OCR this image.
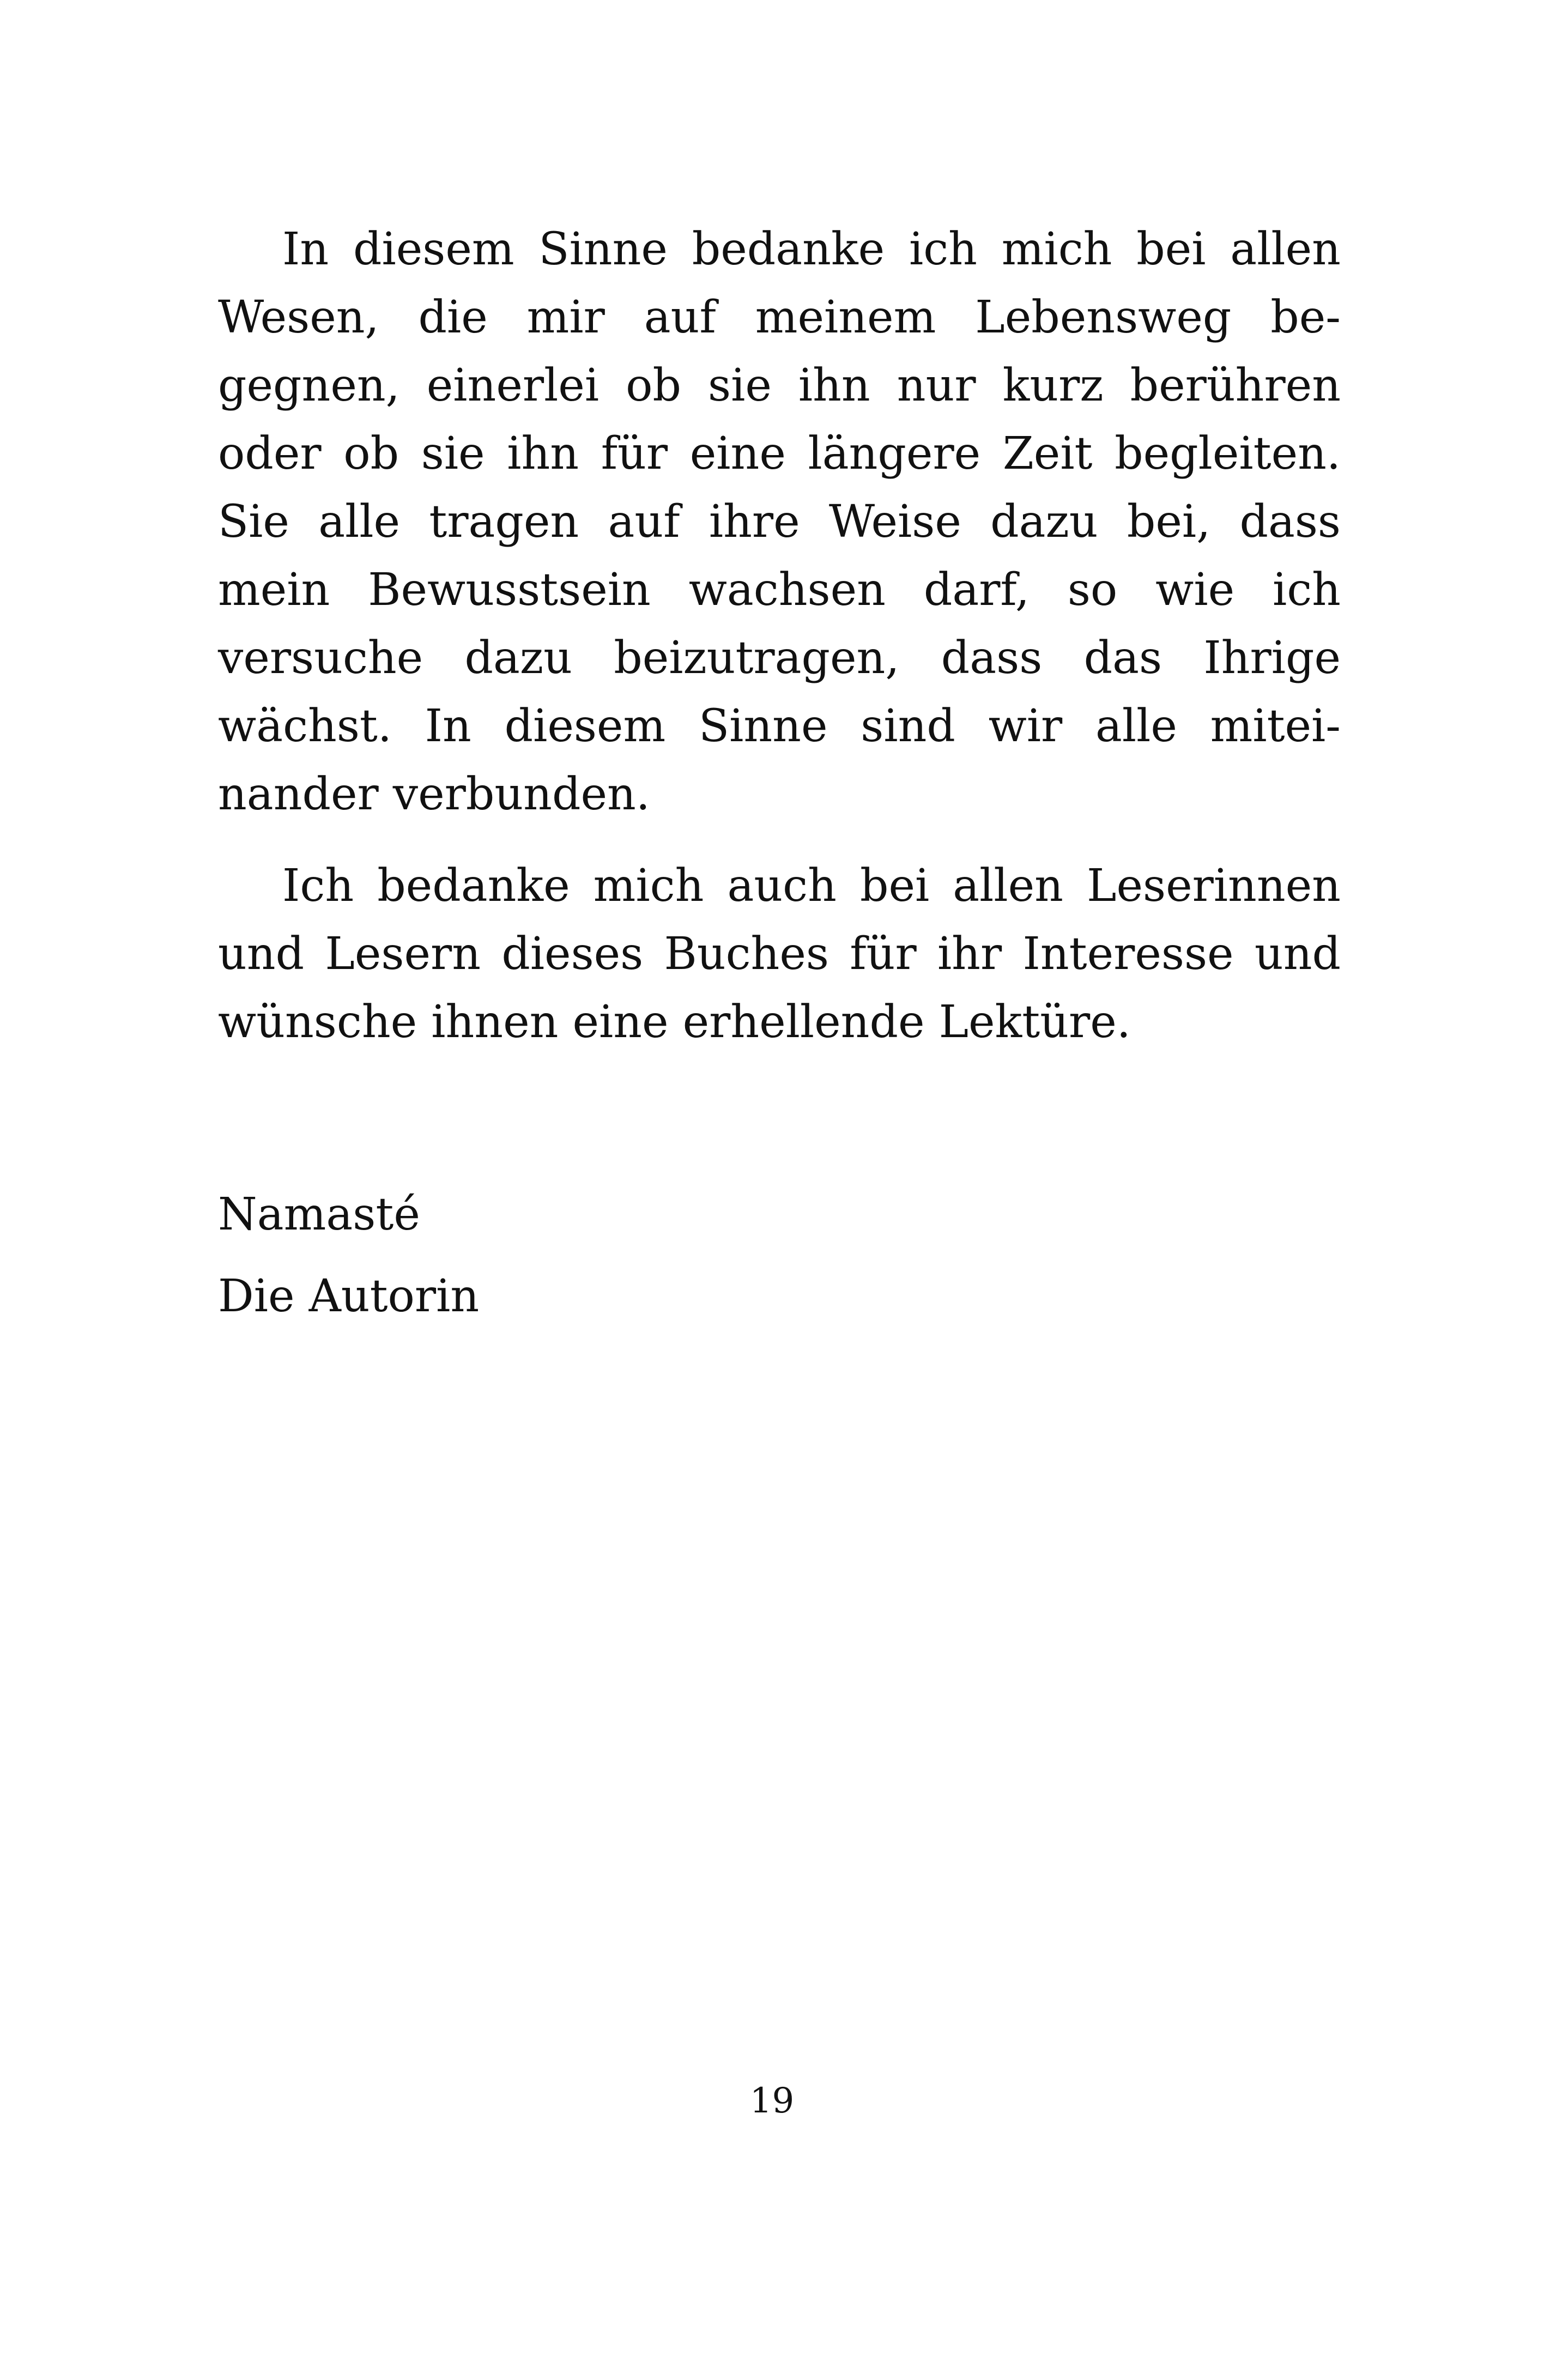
In diesem Sinne bedanke ich mich bei allen
Wesen, die mir auf meinem Lebensweg be-
gegnen, einerlei ob sie ihn nur kurz berühren
oder ob sie ihn für eine längere Zeit begleiten.
Sie alle tragen auf ihre Weise dazu bei, dass
mein Bewusstsein wachsen darf, so wie ich
versuche dazu beizutragen, dass das Ihrige
wächst. In diesem Sinne sind wir alle mitei-
nander verbunden.
Ich bedanke mich auch bei allen Leserinnen
und Lesern dieses Buches für ihr Interesse und
wünsche ihnen eine erhellende Lektüre.
Namasté
Die Autorin
19
